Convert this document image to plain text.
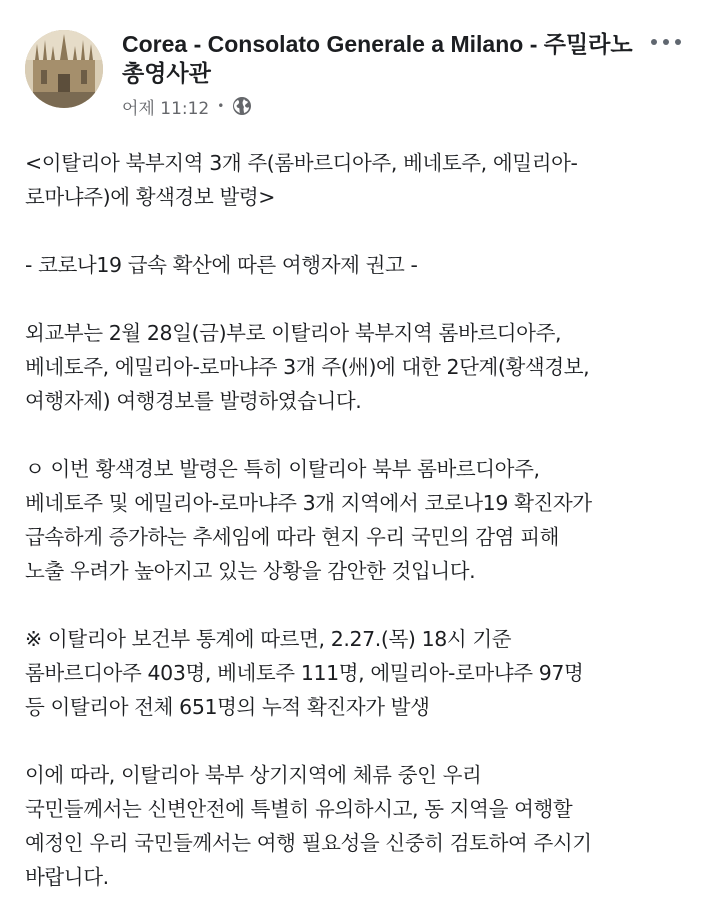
Corea - Consolato Generale a Milano - 주밀라노총영사관
어제 11:12 •
<이탈리아 북부지역 3개 주(롬바르디아주, 베네토주, 에밀리아-
로마냐주)에 황색경보 발령>
- 코로나19 급속 확산에 따른 여행자제 권고 -
외교부는 2월 28일(금)부로 이탈리아 북부지역 롬바르디아주,
베네토주, 에밀리아-로마냐주 3개 주(州)에 대한 2단계(황색경보,
여행자제) 여행경보를 발령하였습니다.
ㅇ 이번 황색경보 발령은 특히 이탈리아 북부 롬바르디아주,
베네토주 및 에밀리아-로마냐주 3개 지역에서 코로나19 확진자가
급속하게 증가하는 추세임에 따라 현지 우리 국민의 감염 피해
노출 우려가 높아지고 있는 상황을 감안한 것입니다.
※ 이탈리아 보건부 통계에 따르면, 2.27.(목) 18시 기준
롬바르디아주 403명, 베네토주 111명, 에밀리아-로마냐주 97명
등 이탈리아 전체 651명의 누적 확진자가 발생
이에 따라, 이탈리아 북부 상기지역에 체류 중인 우리
국민들께서는 신변안전에 특별히 유의하시고, 동 지역을 여행할
예정인 우리 국민들께서는 여행 필요성을 신중히 검토하여 주시기
바랍니다.
